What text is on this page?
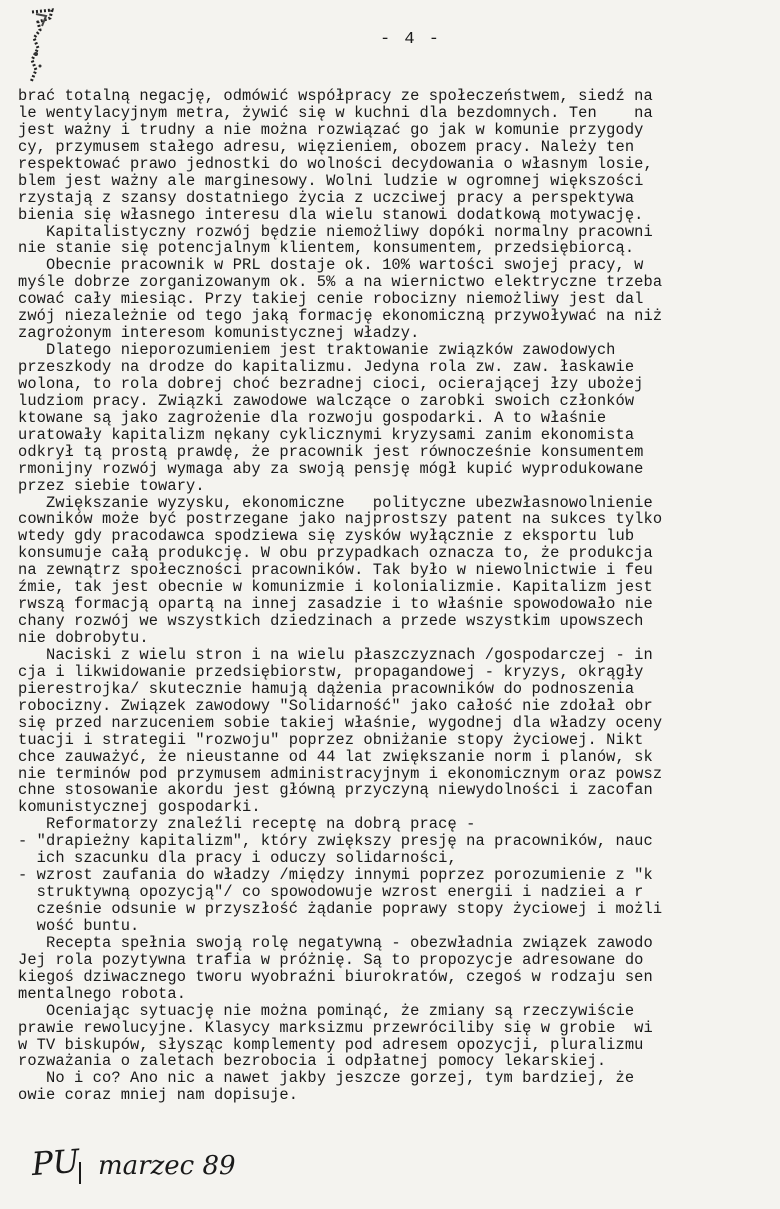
- 4 -
brać totalną negację, odmówić współpracy ze społeczeństwem, siedź na
le wentylacyjnym metra, żywić się w kuchni dla bezdomnych. Ten    na
jest ważny i trudny a nie można rozwiązać go jak w komunie przygody
cy, przymusem stałego adresu, więzieniem, obozem pracy. Należy ten
respektować prawo jednostki do wolności decydowania o własnym losie,
blem jest ważny ale marginesowy. Wolni ludzie w ogromnej większości
rzystają z szansy dostatniego życia z uczciwej pracy a perspektywa
bienia się własnego interesu dla wielu stanowi dodatkową motywację.
Kapitalistyczny rozwój będzie niemożliwy dopóki normalny pracowni
nie stanie się potencjalnym klientem, konsumentem, przedsiębiorcą.
Obecnie pracownik w PRL dostaje ok. 10% wartości swojej pracy, w
myśle dobrze zorganizowanym ok. 5% a na wiernictwo elektryczne trzeba
cować cały miesiąc. Przy takiej cenie robocizny niemożliwy jest dal
zwój niezależnie od tego jaką formację ekonomiczną przywoływać na niż
zagrożonym interesom komunistycznej władzy.
Dlatego nieporozumieniem jest traktowanie związków zawodowych
przeszkody na drodze do kapitalizmu. Jedyna rola zw. zaw. łaskawie
wolona, to rola dobrej choć bezradnej cioci, ocierającej łzy ubożej
ludziom pracy. Związki zawodowe walczące o zarobki swoich członków
ktowane są jako zagrożenie dla rozwoju gospodarki. A to właśnie
uratowały kapitalizm nękany cyklicznymi kryzysami zanim ekonomista
odkrył tą prostą prawdę, że pracownik jest równocześnie konsumentem
rmonijny rozwój wymaga aby za swoją pensję mógł kupić wyprodukowane
przez siebie towary.
Zwiększanie wyzysku, ekonomiczne   polityczne ubezwłasnowolnienie
cowników może być postrzegane jako najprostszy patent na sukces tylko
wtedy gdy pracodawca spodziewa się zysków wyłącznie z eksportu lub
konsumuje całą produkcję. W obu przypadkach oznacza to, że produkcja
na zewnątrz społeczności pracowników. Tak było w niewolnictwie i feu
źmie, tak jest obecnie w komunizmie i kolonializmie. Kapitalizm jest
rwszą formacją opartą na innej zasadzie i to właśnie spowodowało nie
chany rozwój we wszystkich dziedzinach a przede wszystkim upowszech
nie dobrobytu.
Naciski z wielu stron i na wielu płaszczyznach /gospodarczej - in
cja i likwidowanie przedsiębiorstw, propagandowej - kryzys, okrągły
pierestrojka/ skutecznie hamują dążenia pracowników do podnoszenia
robocizny. Związek zawodowy "Solidarność" jako całość nie zdołał obr
się przed narzuceniem sobie takiej właśnie, wygodnej dla władzy oceny
tuacji i strategii "rozwoju" poprzez obniżanie stopy życiowej. Nikt
chce zauważyć, że nieustanne od 44 lat zwiększanie norm i planów, sk
nie terminów pod przymusem administracyjnym i ekonomicznym oraz powsz
chne stosowanie akordu jest główną przyczyną niewydolności i zacofan
komunistycznej gospodarki.
Reformatorzy znaleźli receptę na dobrą pracę -
- "drapieżny kapitalizm", który zwiększy presję na pracowników, nauc
ich szacunku dla pracy i oduczy solidarności,
- wzrost zaufania do władzy /między innymi poprzez porozumienie z "k
struktywną opozycją"/ co spowodowuje wzrost energii i nadziei a r
cześnie odsunie w przyszłość żądanie poprawy stopy życiowej i możli
wość buntu.
Recepta spełnia swoją rolę negatywną - obezwładnia związek zawodo
Jej rola pozytywna trafia w próżnię. Są to propozycje adresowane do
kiegoś dziwacznego tworu wyobraźni biurokratów, czegoś w rodzaju sen
mentalnego robota.
Oceniając sytuację nie można pominąć, że zmiany są rzeczywiście
prawie rewolucyjne. Klasycy marksizmu przewróciliby się w grobie  wi
w TV biskupów, słysząc komplementy pod adresem opozycji, pluralizmu
rozważania o zaletach bezrobocia i odpłatnej pomocy lekarskiej.
No i co? Ano nic a nawet jakby jeszcze gorzej, tym bardziej, że
owie coraz mniej nam dopisuje.
PU marzec 89
